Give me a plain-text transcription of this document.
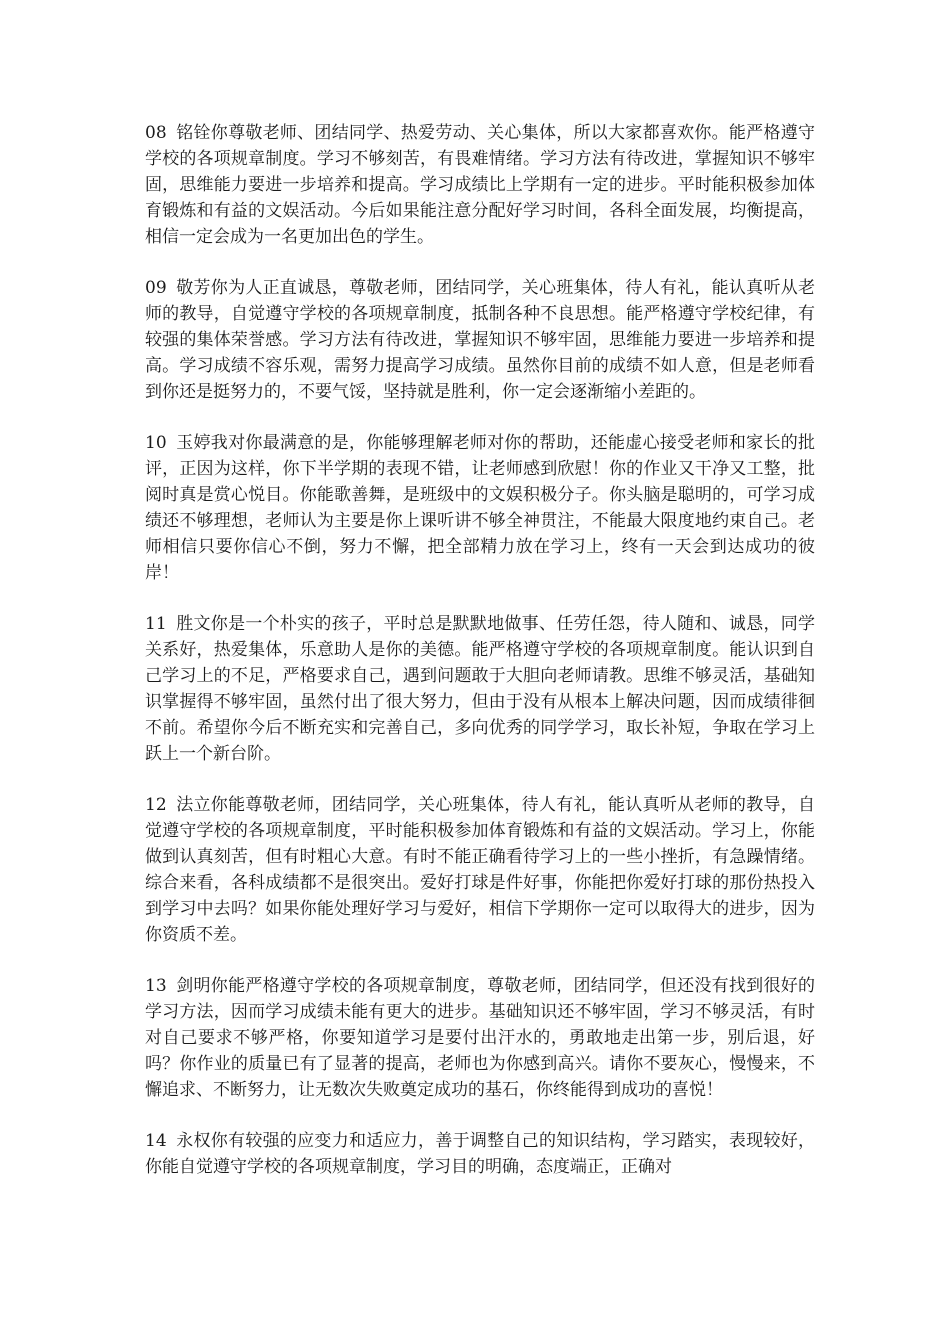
08 铭铨你尊敬老师、团结同学、热爱劳动、关心集体，所以大家都喜欢你。能严格遵守学校的各项规章制度。学习不够刻苦，有畏难情绪。学习方法有待改进，掌握知识不够牢固，思维能力要进一步培养和提高。学习成绩比上学期有一定的进步。平时能积极参加体育锻炼和有益的文娱活动。今后如果能注意分配好学习时间，各科全面发展，均衡提高，相信一定会成为一名更加出色的学生。

09 敬芳你为人正直诚恳，尊敬老师，团结同学，关心班集体，待人有礼，能认真听从老师的教导，自觉遵守学校的各项规章制度，抵制各种不良思想。能严格遵守学校纪律，有较强的集体荣誉感。学习方法有待改进，掌握知识不够牢固，思维能力要进一步培养和提高。学习成绩不容乐观，需努力提高学习成绩。虽然你目前的成绩不如人意，但是老师看到你还是挺努力的，不要气馁，坚持就是胜利，你一定会逐渐缩小差距的。

10 玉婷我对你最满意的是，你能够理解老师对你的帮助，还能虚心接受老师和家长的批评，正因为这样，你下半学期的表现不错，让老师感到欣慰！你的作业又干净又工整，批阅时真是赏心悦目。你能歌善舞，是班级中的文娱积极分子。你头脑是聪明的，可学习成绩还不够理想，老师认为主要是你上课听讲不够全神贯注，不能最大限度地约束自己。老师相信只要你信心不倒，努力不懈，把全部精力放在学习上，终有一天会到达成功的彼岸！

11 胜文你是一个朴实的孩子，平时总是默默地做事、任劳任怨，待人随和、诚恳，同学关系好，热爱集体，乐意助人是你的美德。能严格遵守学校的各项规章制度。能认识到自己学习上的不足，严格要求自己，遇到问题敢于大胆向老师请教。思维不够灵活，基础知识掌握得不够牢固，虽然付出了很大努力，但由于没有从根本上解决问题，因而成绩徘徊不前。希望你今后不断充实和完善自己，多向优秀的同学学习，取长补短，争取在学习上跃上一个新台阶。

12 法立你能尊敬老师，团结同学，关心班集体，待人有礼，能认真听从老师的教导，自觉遵守学校的各项规章制度，平时能积极参加体育锻炼和有益的文娱活动。学习上，你能做到认真刻苦，但有时粗心大意。有时不能正确看待学习上的一些小挫折，有急躁情绪。综合来看，各科成绩都不是很突出。爱好打球是件好事，你能把你爱好打球的那份热投入到学习中去吗？如果你能处理好学习与爱好，相信下学期你一定可以取得大的进步，因为你资质不差。

13 剑明你能严格遵守学校的各项规章制度，尊敬老师，团结同学，但还没有找到很好的学习方法，因而学习成绩未能有更大的进步。基础知识还不够牢固，学习不够灵活，有时对自己要求不够严格，你要知道学习是要付出汗水的，勇敢地走出第一步，别后退，好吗？你作业的质量已有了显著的提高，老师也为你感到高兴。请你不要灰心，慢慢来，不懈追求、不断努力，让无数次失败奠定成功的基石，你终能得到成功的喜悦！

14 永权你有较强的应变力和适应力，善于调整自己的知识结构，学习踏实，表现较好，你能自觉遵守学校的各项规章制度，学习目的明确，态度端正，正确对
